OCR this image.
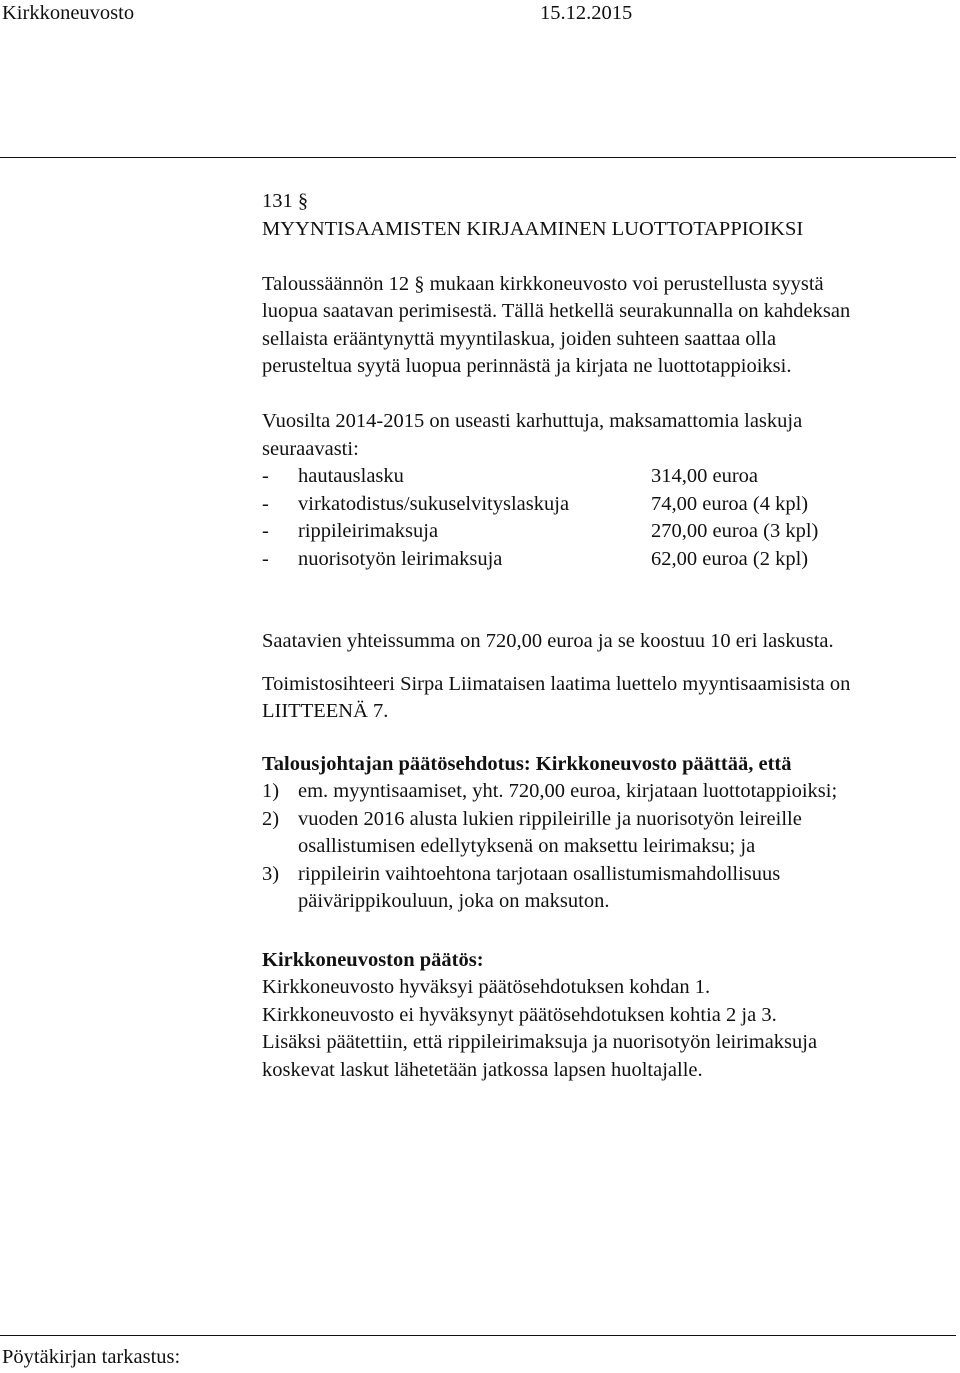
Kirkkoneuvosto	15.12.2015
131 §
MYYNTISAAMISTEN KIRJAAMINEN LUOTTOTAPPIOIKSI
Taloussäännön 12 § mukaan kirkkoneuvosto voi perustellusta syystä
luopua saatavan perimisestä. Tällä hetkellä seurakunnalla on kahdeksan
sellaista erääntynyttä myyntilaskua, joiden suhteen saattaa olla
perusteltua syytä luopua perinnästä ja kirjata ne luottotappioiksi.
Vuosilta 2014-2015 on useasti karhuttuja, maksamattomia laskuja
seuraavasti:
-	hautauslasku	314,00 euroa
-	virkatodistus/sukuselvityslaskuja	74,00 euroa (4 kpl)
-	rippileirimaksuja	270,00 euroa (3 kpl)
-	nuorisotyön leirimaksuja	62,00 euroa (2 kpl)
Saatavien yhteissumma on 720,00 euroa ja se koostuu 10 eri laskusta.
Toimistosihteeri Sirpa Liimataisen laatima luettelo myyntisaamisista on
LIITTEENÄ 7.
Talousjohtajan päätösehdotus: Kirkkoneuvosto päättää, että
1) em. myyntisaamiset, yht. 720,00 euroa, kirjataan luottotappioiksi;
2) vuoden 2016 alusta lukien rippileirille ja nuorisotyön leireille
osallistumisen edellytyksenä on maksettu leirimaksu; ja
3) rippileirin vaihtoehtona tarjotaan osallistumismahdollisuus
päivärippikouluun, joka on maksuton.
Kirkkoneuvoston päätös:
Kirkkoneuvosto hyväksyi päätösehdotuksen kohdan 1.
Kirkkoneuvosto ei hyväksynyt päätösehdotuksen kohtia 2 ja 3.
Lisäksi päätettiin, että rippileirimaksuja ja nuorisotyön leirimaksuja
koskevat laskut lähetetään jatkossa lapsen huoltajalle.
Pöytäkirjan tarkastus:
